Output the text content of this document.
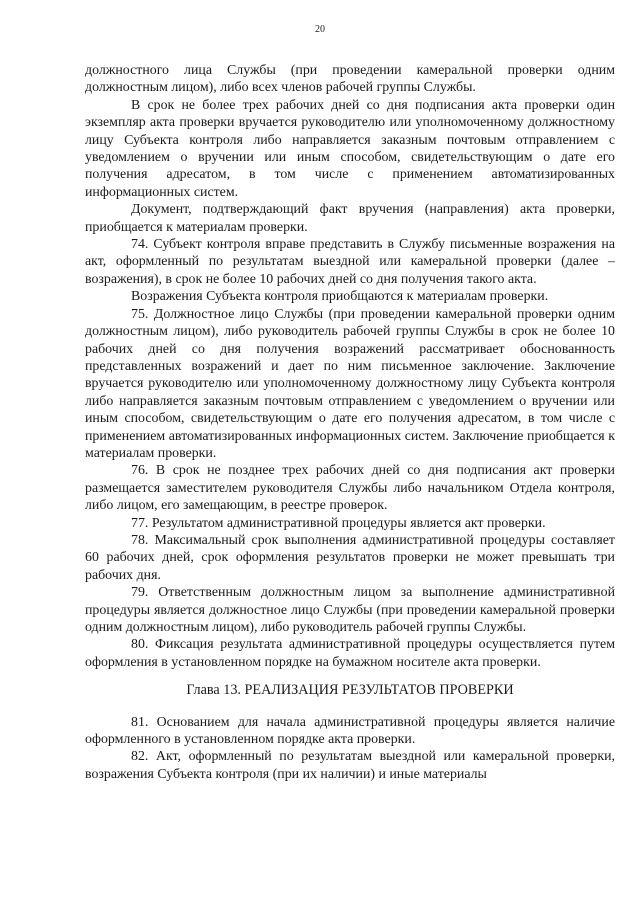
20

должностного лица Службы (при проведении камеральной проверки одним должностным лицом), либо всех членов рабочей группы Службы.

В срок не более трех рабочих дней со дня подписания акта проверки один экземпляр акта проверки вручается руководителю или уполномоченному должностному лицу Субъекта контроля либо направляется заказным почтовым отправлением с уведомлением о вручении или иным способом, свидетельствующим о дате его получения адресатом, в том числе с применением автоматизированных информационных систем.

Документ, подтверждающий факт вручения (направления) акта проверки, приобщается к материалам проверки.

74. Субъект контроля вправе представить в Службу письменные возражения на акт, оформленный по результатам выездной или камеральной проверки (далее – возражения), в срок не более 10 рабочих дней со дня получения такого акта.

Возражения Субъекта контроля приобщаются к материалам проверки.

75. Должностное лицо Службы (при проведении камеральной проверки одним должностным лицом), либо руководитель рабочей группы Службы в срок не более 10 рабочих дней со дня получения возражений рассматривает обоснованность представленных возражений и дает по ним письменное заключение. Заключение вручается руководителю или уполномоченному должностному лицу Субъекта контроля либо направляется заказным почтовым отправлением с уведомлением о вручении или иным способом, свидетельствующим о дате его получения адресатом, в том числе с применением автоматизированных информационных систем. Заключение приобщается к материалам проверки.

76. В срок не позднее трех рабочих дней со дня подписания акт проверки размещается заместителем руководителя Службы либо начальником Отдела контроля, либо лицом, его замещающим, в реестре проверок.

77. Результатом административной процедуры является акт проверки.

78. Максимальный срок выполнения административной процедуры составляет 60 рабочих дней, срок оформления результатов проверки не может превышать три рабочих дня.

79. Ответственным должностным лицом за выполнение административной процедуры является должностное лицо Службы (при проведении камеральной проверки одним должностным лицом), либо руководитель рабочей группы Службы.

80. Фиксация результата административной процедуры осуществляется путем оформления в установленном порядке на бумажном носителе акта проверки.

Глава 13. РЕАЛИЗАЦИЯ РЕЗУЛЬТАТОВ ПРОВЕРКИ

81. Основанием для начала административной процедуры является наличие оформленного в установленном порядке акта проверки.

82. Акт, оформленный по результатам выездной или камеральной проверки, возражения Субъекта контроля (при их наличии) и иные материалы
